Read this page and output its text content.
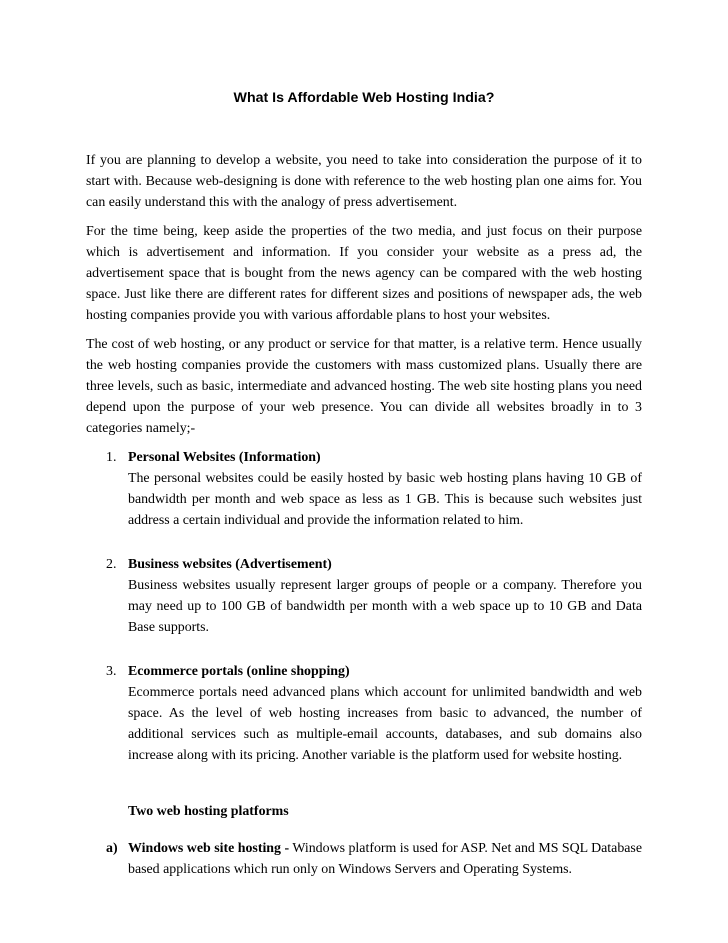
What Is Affordable Web Hosting India?

If you are planning to develop a website, you need to take into consideration the purpose of it to start with. Because web-designing is done with reference to the web hosting plan one aims for. You can easily understand this with the analogy of press advertisement.

For the time being, keep aside the properties of the two media, and just focus on their purpose which is advertisement and information. If you consider your website as a press ad, the advertisement space that is bought from the news agency can be compared with the web hosting space. Just like there are different rates for different sizes and positions of newspaper ads, the web hosting companies provide you with various affordable plans to host your websites.

The cost of web hosting, or any product or service for that matter, is a relative term. Hence usually the web hosting companies provide the customers with mass customized plans. Usually there are three levels, such as basic, intermediate and advanced hosting. The web site hosting plans you need depend upon the purpose of your web presence. You can divide all websites broadly in to 3 categories namely;-

1. Personal Websites (Information)
The personal websites could be easily hosted by basic web hosting plans having 10 GB of bandwidth per month and web space as less as 1 GB. This is because such websites just address a certain individual and provide the information related to him.
2. Business websites (Advertisement)
Business websites usually represent larger groups of people or a company. Therefore you may need up to 100 GB of bandwidth per month with a web space up to 10 GB and Data Base supports.
3. Ecommerce portals (online shopping)
Ecommerce portals need advanced plans which account for unlimited bandwidth and web space. As the level of web hosting increases from basic to advanced, the number of additional services such as multiple-email accounts, databases, and sub domains also increase along with its pricing. Another variable is the platform used for website hosting.
Two web hosting platforms
a) Windows web site hosting - Windows platform is used for ASP. Net and MS SQL Database based applications which run only on Windows Servers and Operating Systems.
